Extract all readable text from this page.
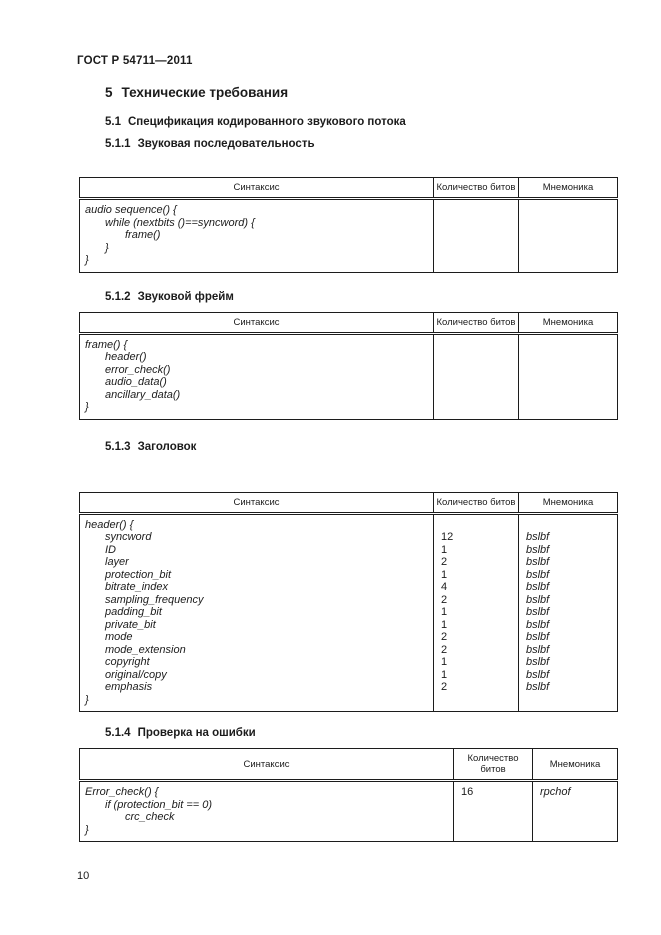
ГОСТ Р 54711—2011
5 Технические требования
5.1 Спецификация кодированного звукового потока
5.1.1 Звуковая последовательность
Синтаксис	Количество битов	Мнемоника
audio sequence() {		
while (nextbits ()==syncword) {		
frame()		
}		
}		
5.1.2 Звуковой фрейм
Синтаксис	Количество битов	Мнемоника
frame() {		
header()		
error_check()		
audio_data()		
ancillary_data()		
}		
5.1.3 Заголовок
Синтаксис	Количество битов	Мнемоника
header() {		
syncword	12	bslbf
ID	1	bslbf
layer	2	bslbf
protection_bit	1	bslbf
bitrate_index	4	bslbf
sampling_frequency	2	bslbf
padding_bit	1	bslbf
private_bit	1	bslbf
mode	2	bslbf
mode_extension	2	bslbf
copyright	1	bslbf
original/copy	1	bslbf
emphasis	2	bslbf
}		
5.1.4 Проверка на ошибки
Синтаксис	Количество битов	Мнемоника
Error_check() {	16	rpchof
if (protection_bit == 0)		
crc_check		
}		
10
